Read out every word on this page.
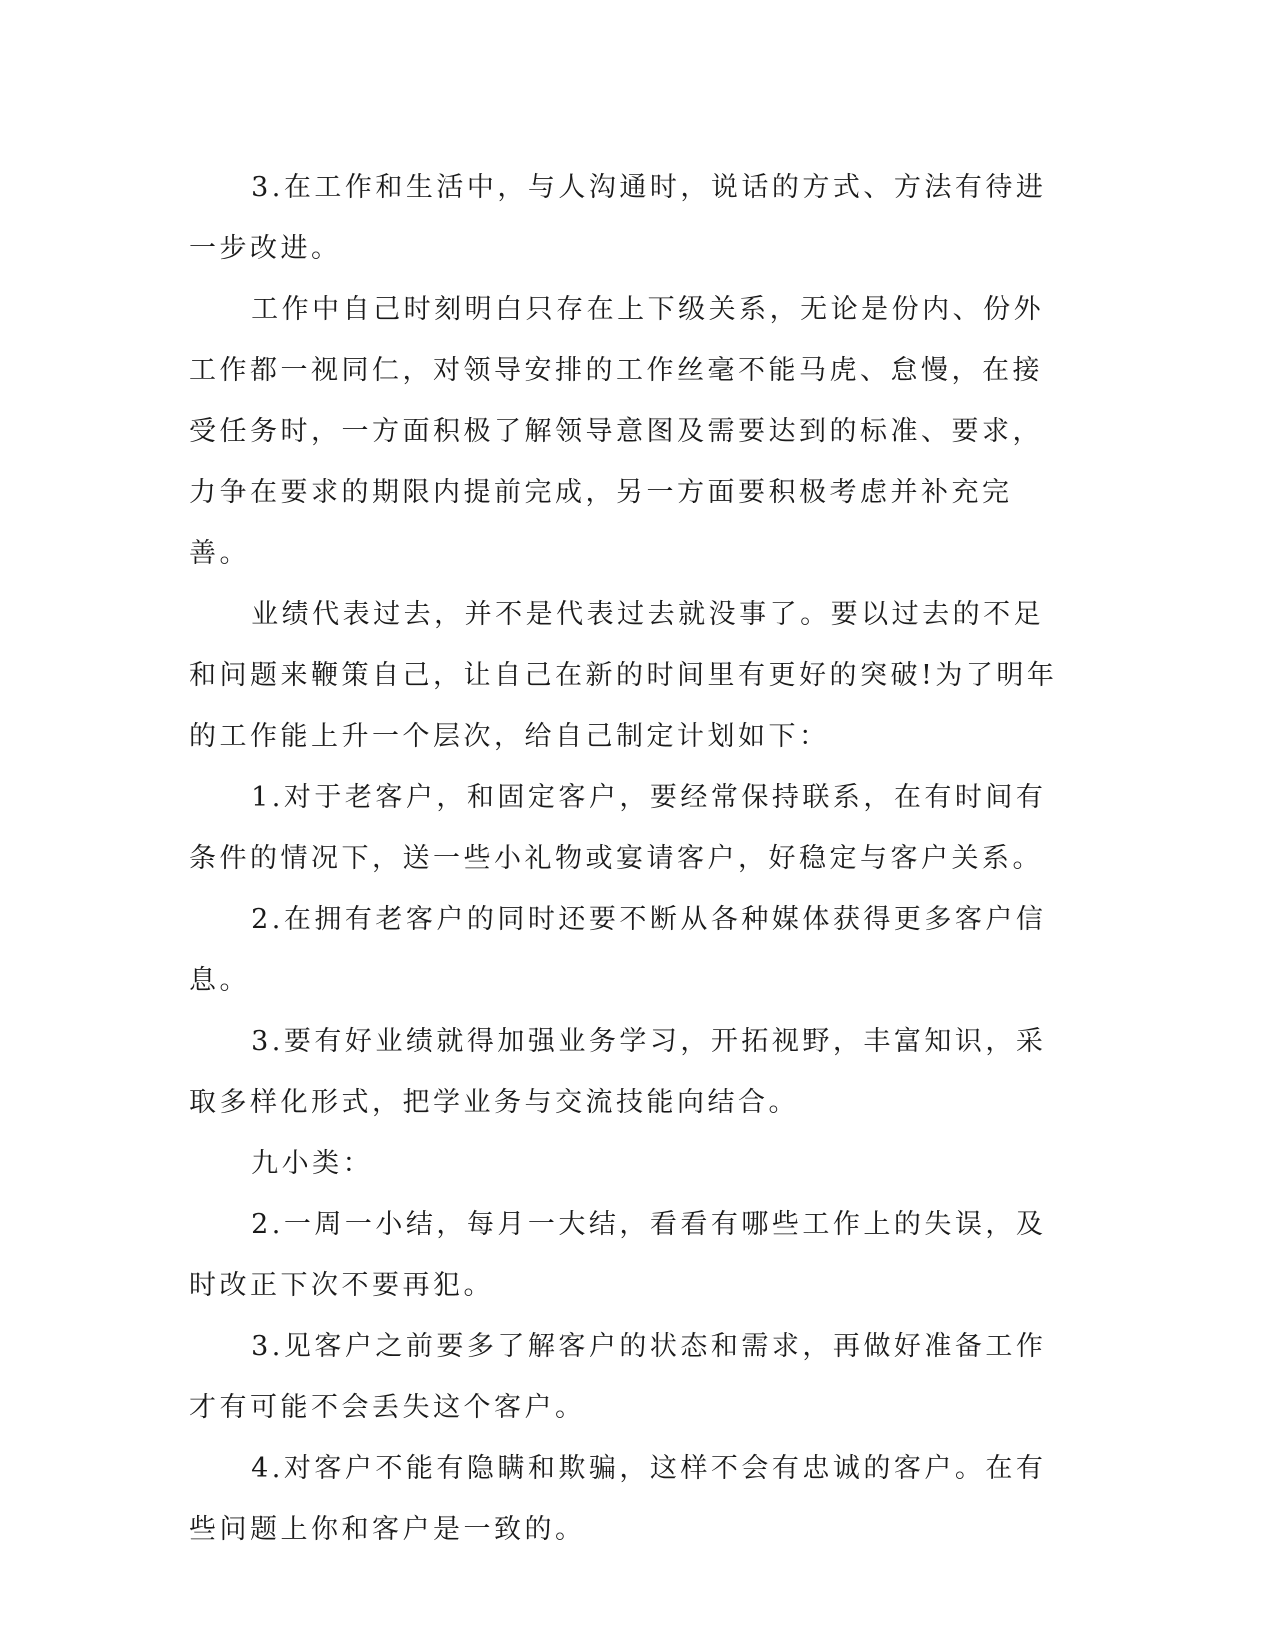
3.在工作和生活中，与人沟通时，说话的方式、方法有待进一步改进。

工作中自己时刻明白只存在上下级关系，无论是份内、份外工作都一视同仁，对领导安排的工作丝毫不能马虎、怠慢，在接受任务时，一方面积极了解领导意图及需要达到的标准、要求，力争在要求的期限内提前完成，另一方面要积极考虑并补充完善。

业绩代表过去，并不是代表过去就没事了。要以过去的不足和问题来鞭策自己，让自己在新的时间里有更好的突破!为了明年的工作能上升一个层次，给自己制定计划如下：

1.对于老客户，和固定客户，要经常保持联系，在有时间有条件的情况下，送一些小礼物或宴请客户，好稳定与客户关系。

2.在拥有老客户的同时还要不断从各种媒体获得更多客户信息。

3.要有好业绩就得加强业务学习，开拓视野，丰富知识，采取多样化形式，把学业务与交流技能向结合。

九小类：

2.一周一小结，每月一大结，看看有哪些工作上的失误，及时改正下次不要再犯。

3.见客户之前要多了解客户的状态和需求，再做好准备工作才有可能不会丢失这个客户。

4.对客户不能有隐瞒和欺骗，这样不会有忠诚的客户。在有些问题上你和客户是一致的。
